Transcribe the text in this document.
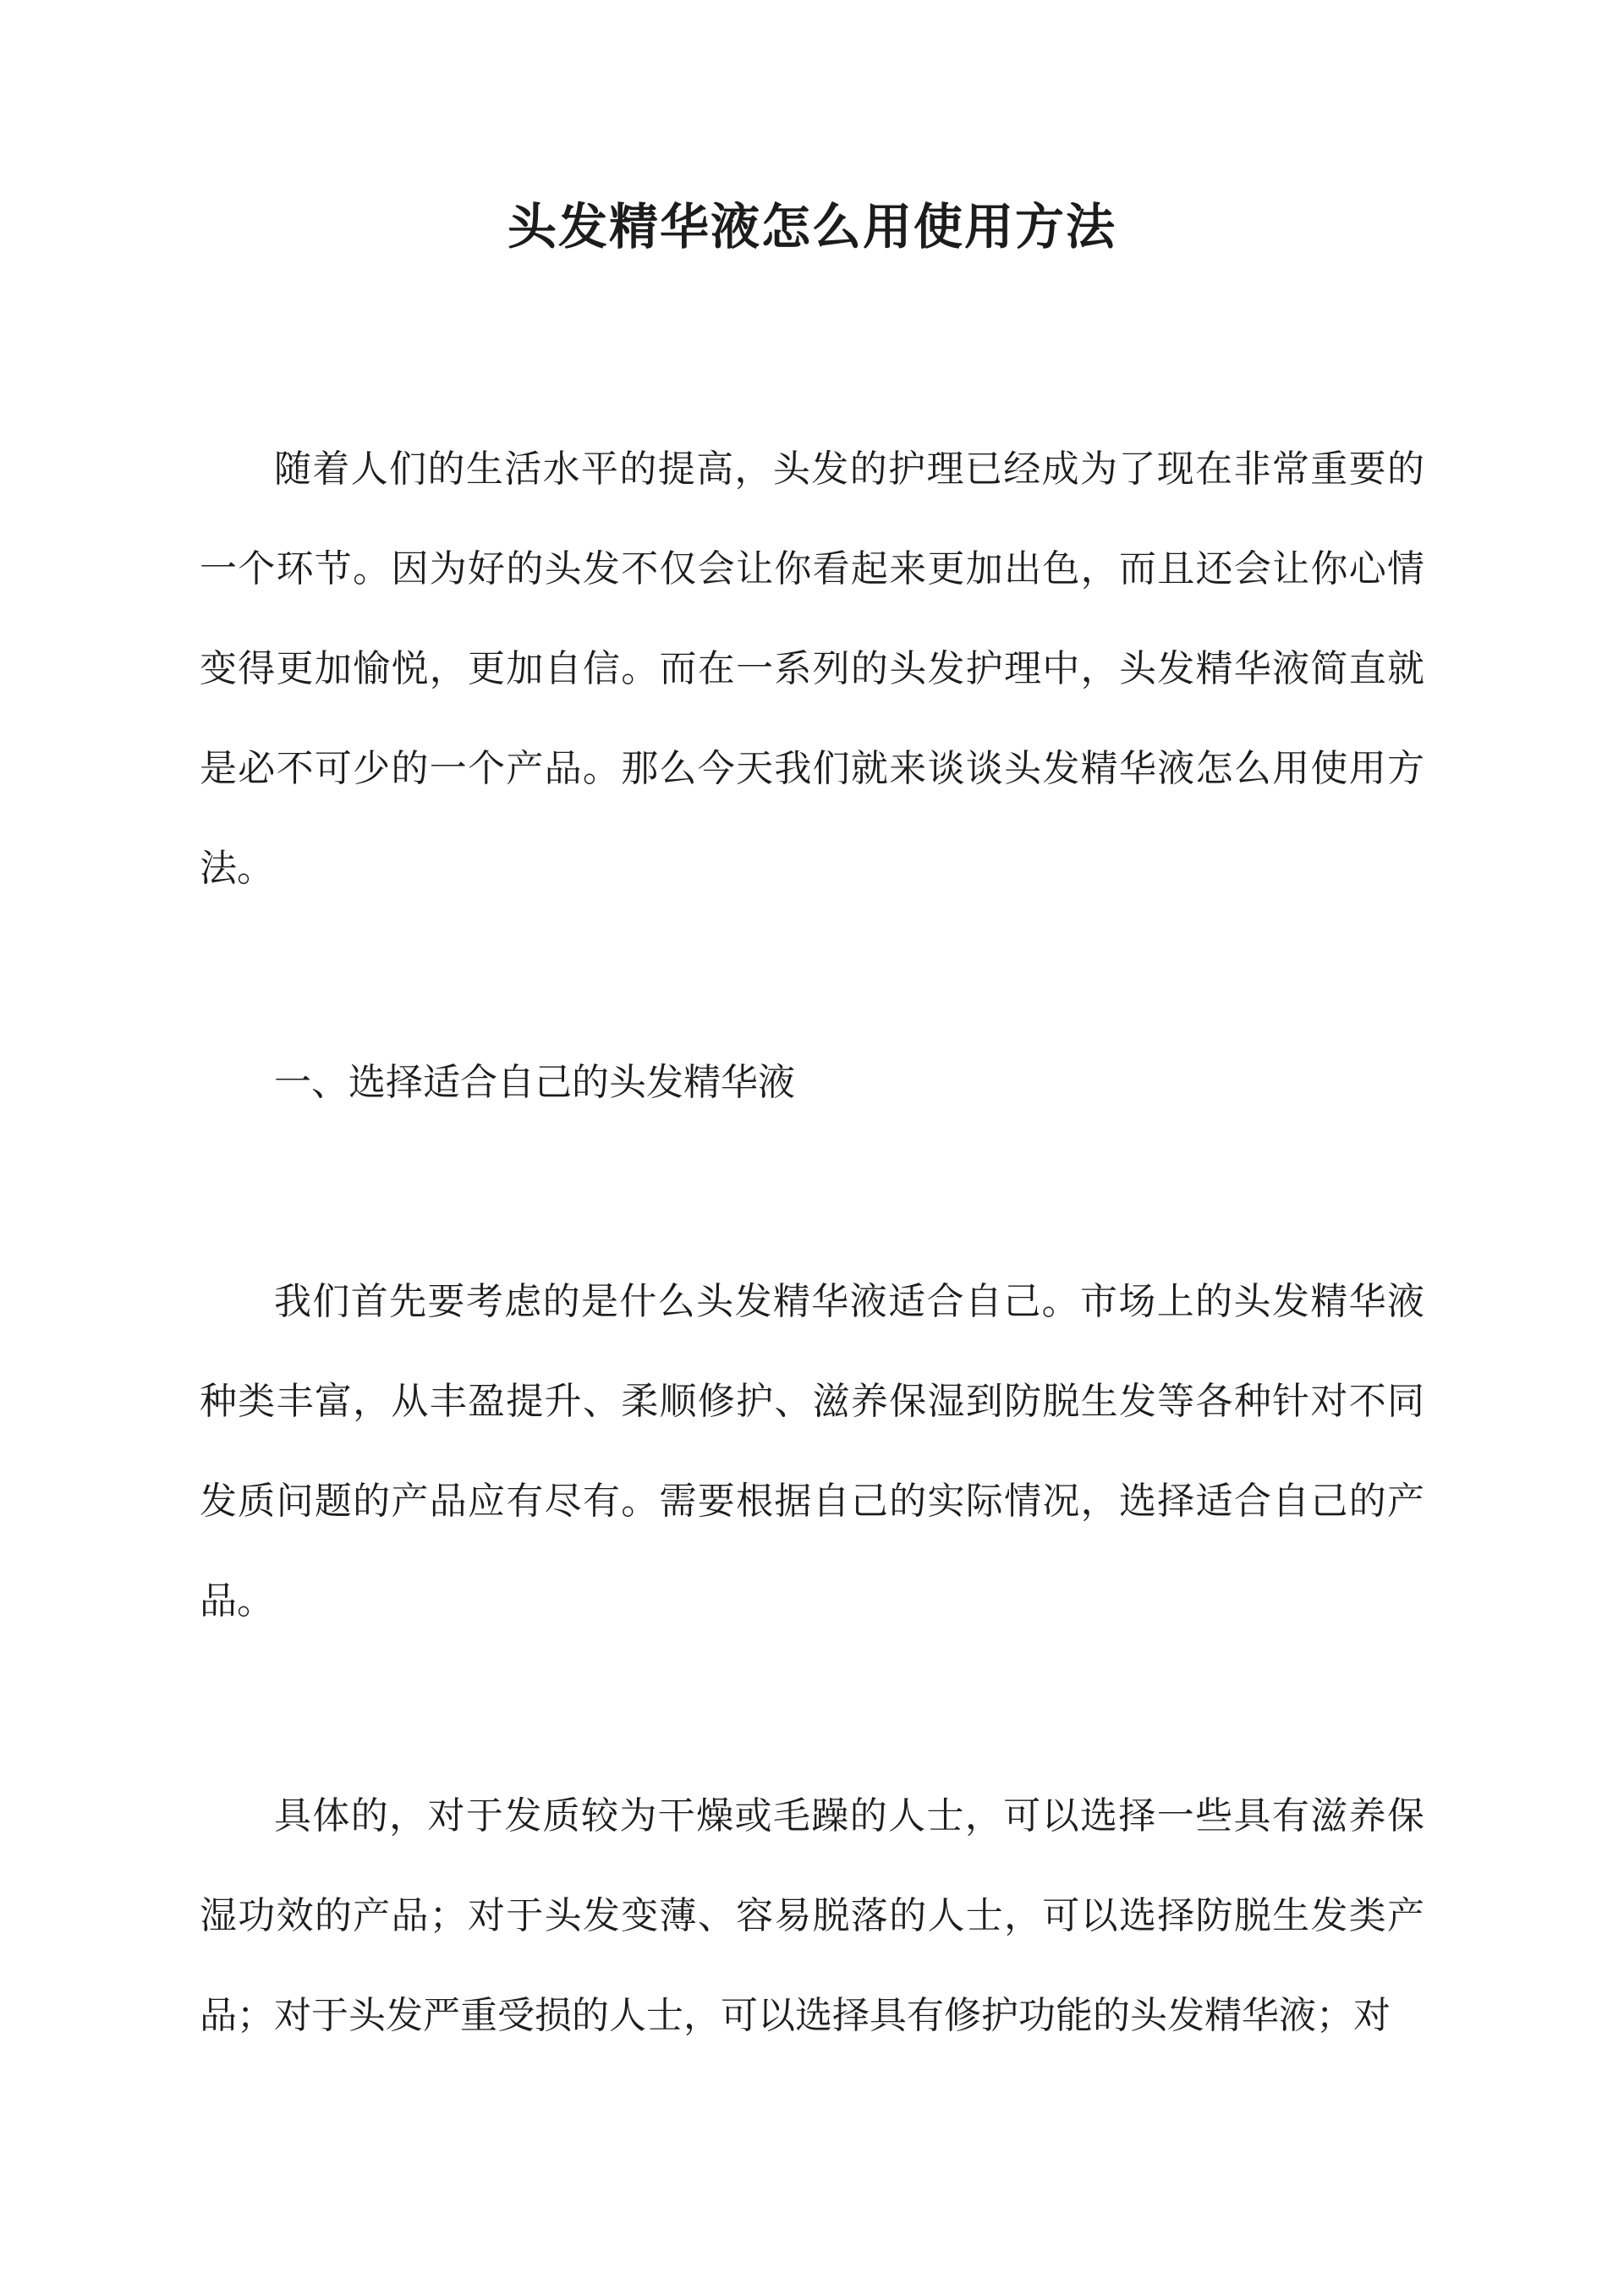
头发精华液怎么用使用方法

随着人们的生活水平的提高，头发的护理已经成为了现在非常重要的一个环节。因为好的头发不仅会让你看起来更加出色，而且还会让你心情变得更加愉悦，更加自信。而在一系列的头发护理中，头发精华液简直就是必不可少的一个产品。那么今天我们就来谈谈头发精华液怎么用使用方法。

一、选择适合自己的头发精华液

我们首先要考虑的是什么头发精华液适合自己。市场上的头发精华液种类丰富，从丰盈提升、柔顺修护、滋养保湿到防脱生发等各种针对不同发质问题的产品应有尽有。需要根据自己的实际情况，选择适合自己的产品。

具体的，对于发质较为干燥或毛躁的人士，可以选择一些具有滋养保湿功效的产品；对于头发变薄、容易脱落的人士，可以选择防脱生发类产品；对于头发严重受损的人士，可以选择具有修护功能的头发精华液；对
